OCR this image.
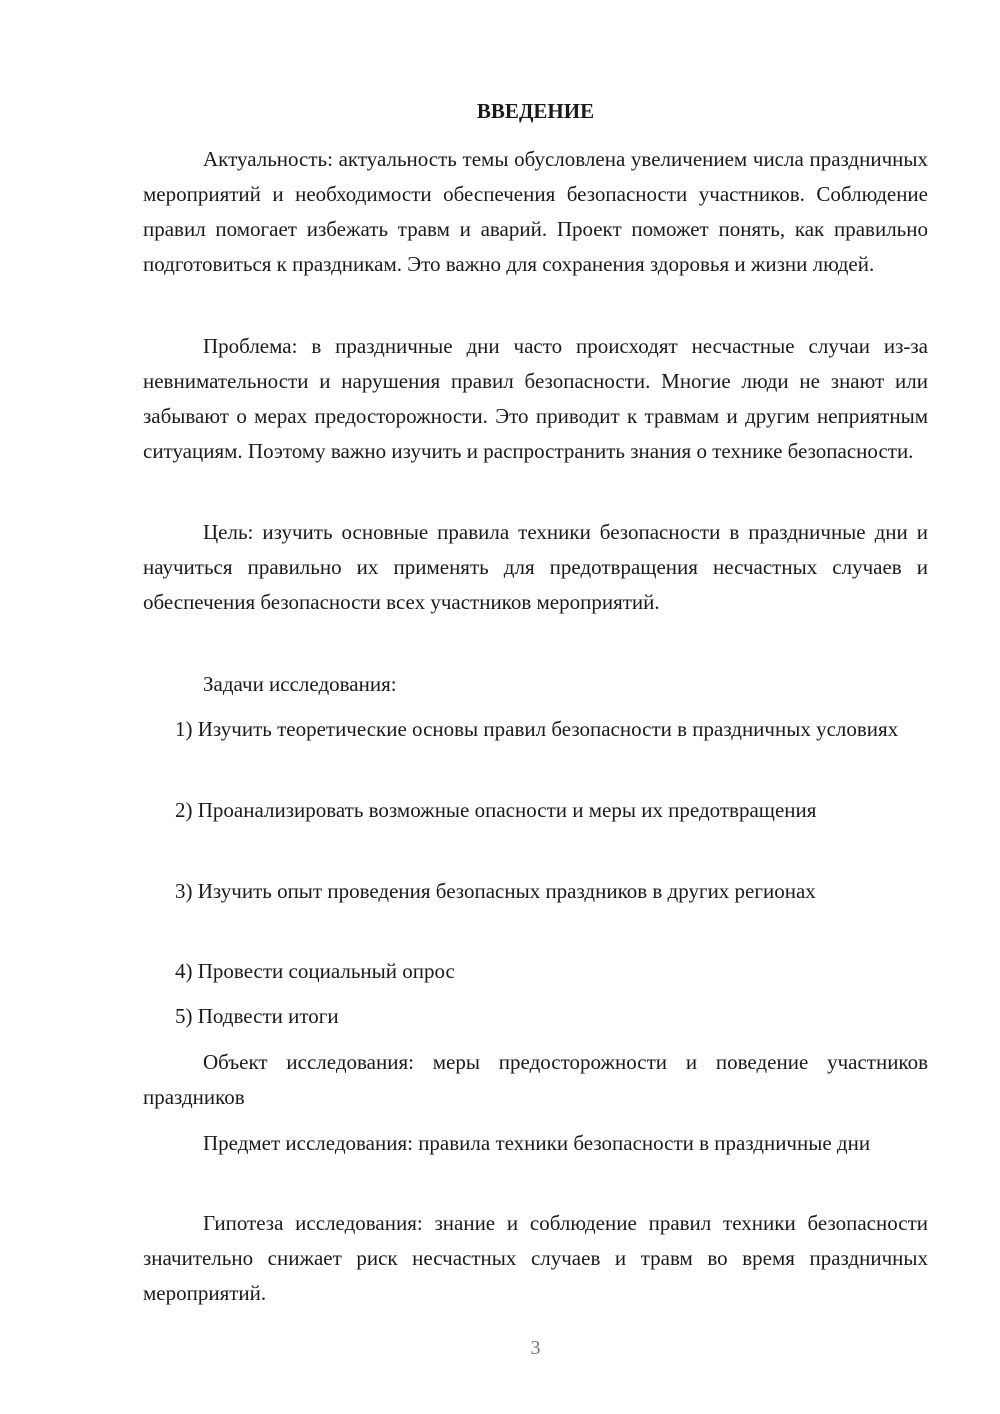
ВВЕДЕНИЕ

Актуальность: актуальность темы обусловлена увеличением числа праздничных мероприятий и необходимости обеспечения безопасности участников. Соблюдение правил помогает избежать травм и аварий. Проект поможет понять, как правильно подготовиться к праздникам. Это важно для сохранения здоровья и жизни людей.

Проблема: в праздничные дни часто происходят несчастные случаи из-за невнимательности и нарушения правил безопасности. Многие люди не знают или забывают о мерах предосторожности. Это приводит к травмам и другим неприятным ситуациям. Поэтому важно изучить и распространить знания о технике безопасности.

Цель: изучить основные правила техники безопасности в праздничные дни и научиться правильно их применять для предотвращения несчастных случаев и обеспечения безопасности всех участников мероприятий.

Задачи исследования:

1) Изучить теоретические основы правил безопасности в праздничных условиях

2) Проанализировать возможные опасности и меры их предотвращения

3) Изучить опыт проведения безопасных праздников в других регионах

4) Провести социальный опрос

5) Подвести итоги

Объект исследования: меры предосторожности и поведение участников праздников

Предмет исследования: правила техники безопасности в праздничные дни

Гипотеза исследования: знание и соблюдение правил техники безопасности значительно снижает риск несчастных случаев и травм во время праздничных мероприятий.

3
